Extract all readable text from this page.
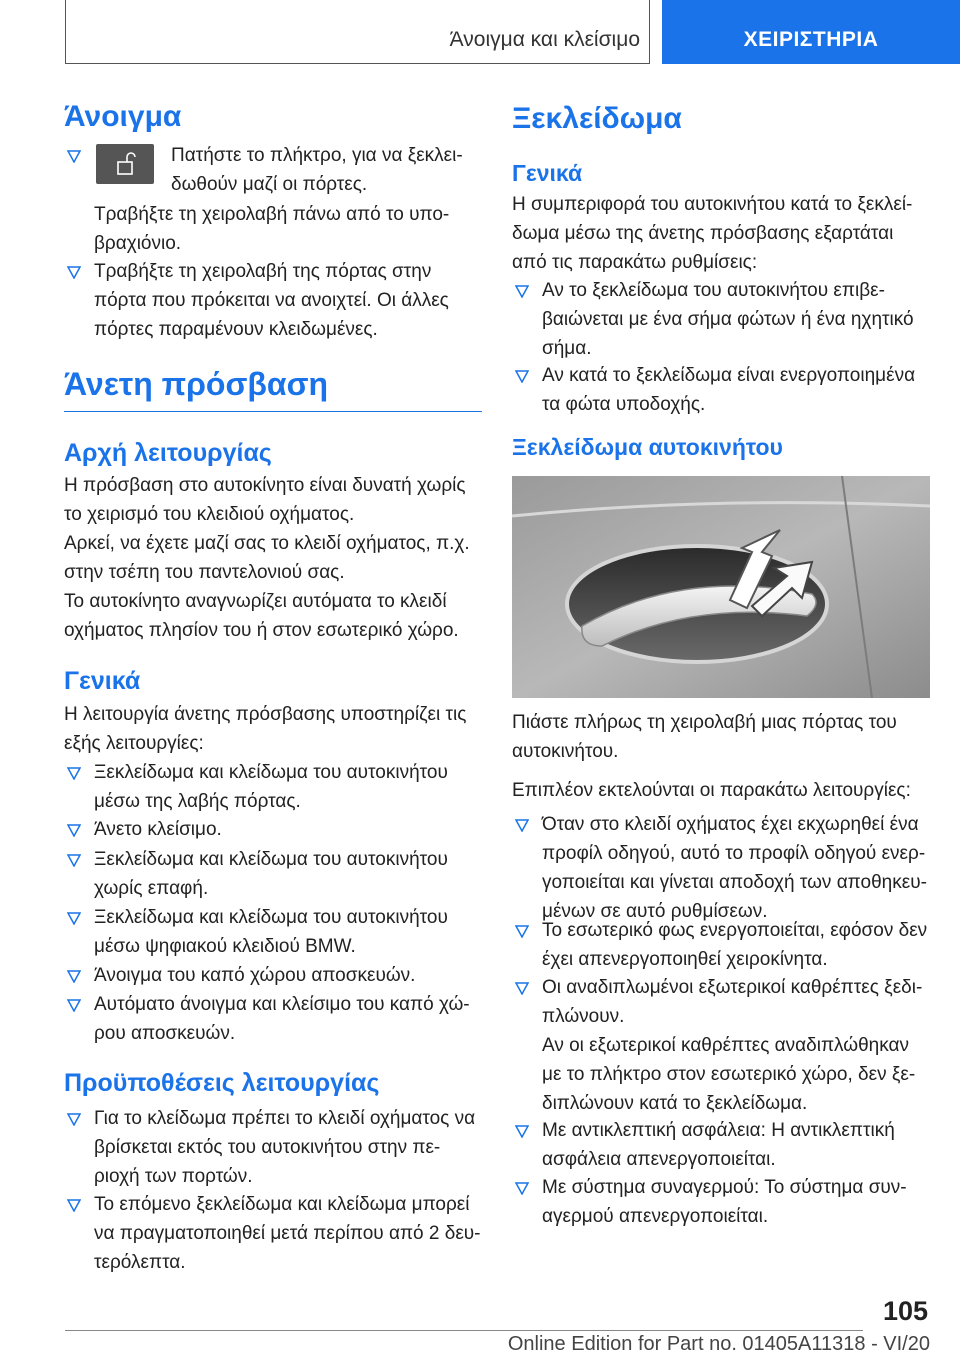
Άνοιγμα και κλείσιμο	ΧΕΙΡΙΣΤΗΡΙΑ
Άνοιγμα

Πατήστε το πλήκτρο, για να ξεκλει-δωθούν μαζί οι πόρτες.

Τραβήξτε τη χειρολαβή πάνω από το υπο-βραχιόνιο.

Τραβήξτε τη χειρολαβή της πόρτας στην πόρτα που πρόκειται να ανοιχτεί. Οι άλλες πόρτες παραμένουν κλειδωμένες.
Άνετη πρόσβαση
Αρχή λειτουργίας

Η πρόσβαση στο αυτοκίνητο είναι δυνατή χωρίς το χειρισμό του κλειδιού οχήματος.

Αρκεί, να έχετε μαζί σας το κλειδί οχήματος, π.χ. στην τσέπη του παντελονιού σας.

Το αυτοκίνητο αναγνωρίζει αυτόματα το κλειδί οχήματος πλησίον του ή στον εσωτερικό χώρο.

Γενικά

Η λειτουργία άνετης πρόσβασης υποστηρίζει τις εξής λειτουργίες:

Ξεκλείδωμα και κλείδωμα του αυτοκινήτου μέσω της λαβής πόρτας.
Άνετο κλείσιμο.
Ξεκλείδωμα και κλείδωμα του αυτοκινήτου χωρίς επαφή.
Ξεκλείδωμα και κλείδωμα του αυτοκινήτου μέσω ψηφιακού κλειδιού BMW.
Άνοιγμα του καπό χώρου αποσκευών.
Αυτόματο άνοιγμα και κλείσιμο του καπό χώ-ρου αποσκευών.
Προϋποθέσεις λειτουργίας
Για το κλείδωμα πρέπει το κλειδί οχήματος να βρίσκεται εκτός του αυτοκινήτου στην πε-ριοχή των πορτών.
Το επόμενο ξεκλείδωμα και κλείδωμα μπορεί να πραγματοποιηθεί μετά περίπου από 2 δευ-τερόλεπτα.
Ξεκλείδωμα
Γενικά

Η συμπεριφορά του αυτοκινήτου κατά το ξεκλεί-δωμα μέσω της άνετης πρόσβασης εξαρτάται από τις παρακάτω ρυθμίσεις:

Αν το ξεκλείδωμα του αυτοκινήτου επιβε-βαιώνεται με ένα σήμα φώτων ή ένα ηχητικό σήμα.
Αν κατά το ξεκλείδωμα είναι ενεργοποιημένα τα φώτα υποδοχής.
Ξεκλείδωμα αυτοκινήτου

Πιάστε πλήρως τη χειρολαβή μιας πόρτας του αυτοκινήτου.

Επιπλέον εκτελούνται οι παρακάτω λειτουργίες:

Όταν στο κλειδί οχήματος έχει εκχωρηθεί ένα προφίλ οδηγού, αυτό το προφίλ οδηγού ενερ-γοποιείται και γίνεται αποδοχή των αποθηκευ-μένων σε αυτό ρυθμίσεων.
Το εσωτερικό φως ενεργοποιείται, εφόσον δεν έχει απενεργοποιηθεί χειροκίνητα.
Οι αναδιπλωμένοι εξωτερικοί καθρέπτες ξεδι-πλώνουν.

Αν οι εξωτερικοί καθρέπτες αναδιπλώθηκαν με το πλήκτρο στον εσωτερικό χώρο, δεν ξε-διπλώνουν κατά το ξεκλείδωμα.

Με αντικλεπτική ασφάλεια: Η αντικλεπτική ασφάλεια απενεργοποιείται.
Με σύστημα συναγερμού: Το σύστημα συν-αγερμού απενεργοποιείται.
105
Online Edition for Part no. 01405A11318 - VI/20
